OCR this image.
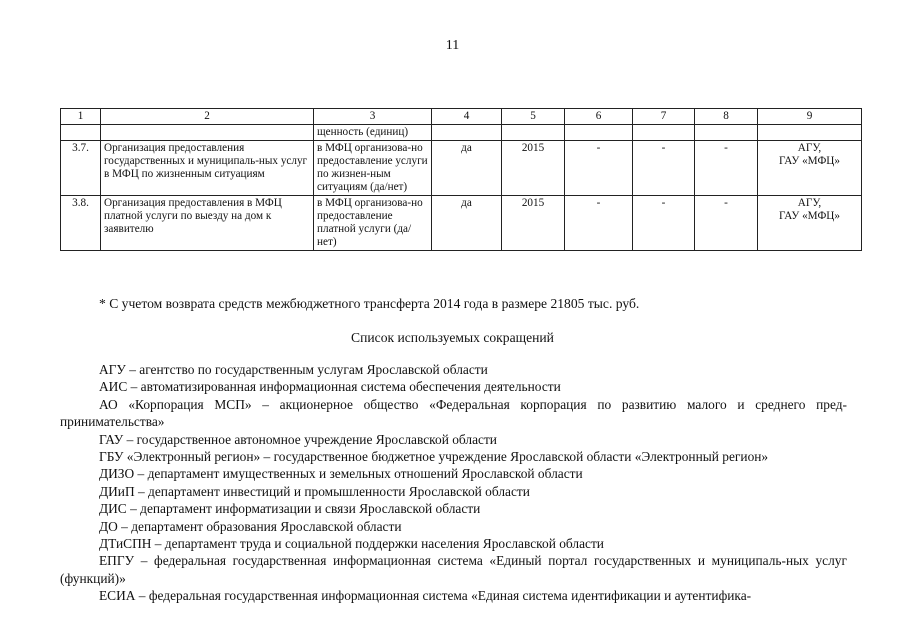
11
1	2	3	4	5	6	7	8	9
		щенность (единиц)						
3.7.	Организация предоставления государственных и муниципаль-ных услуг в МФЦ по жизненным ситуациям	в МФЦ организова-но предоставление услуги по жизнен-ным ситуациям (да/нет)	да	2015	-	-	-	АГУ,
ГАУ «МФЦ»

3.8.	Организация предоставления в МФЦ платной услуги по выезду на дом к заявителю	в МФЦ организова-но предоставление платной услуги (да/нет)	да	2015	-	-	-	АГУ,
ГАУ «МФЦ»
* С учетом возврата средств межбюджетного трансферта 2014 года в размере 21805 тыс. руб.
Список используемых сокращений

АГУ – агентство по государственным услугам Ярославской области

АИС – автоматизированная информационная система обеспечения деятельности

АО «Корпорация МСП» – акционерное общество «Федеральная корпорация по развитию малого и среднего пред-принимательства»

ГАУ – государственное автономное учреждение Ярославской области

ГБУ «Электронный регион» – государственное бюджетное учреждение Ярославской области «Электронный регион»

ДИЗО – департамент имущественных и земельных отношений Ярославской области

ДИиП – департамент инвестиций и промышленности Ярославской области

ДИС – департамент информатизации и связи Ярославской области

ДО – департамент образования Ярославской области

ДТиСПН – департамент труда и социальной поддержки населения Ярославской области

ЕПГУ – федеральная государственная информационная система «Единый портал государственных и муниципаль-ных услуг (функций)»

ЕСИА – федеральная государственная информационная система «Единая система идентификации и аутентифика-
